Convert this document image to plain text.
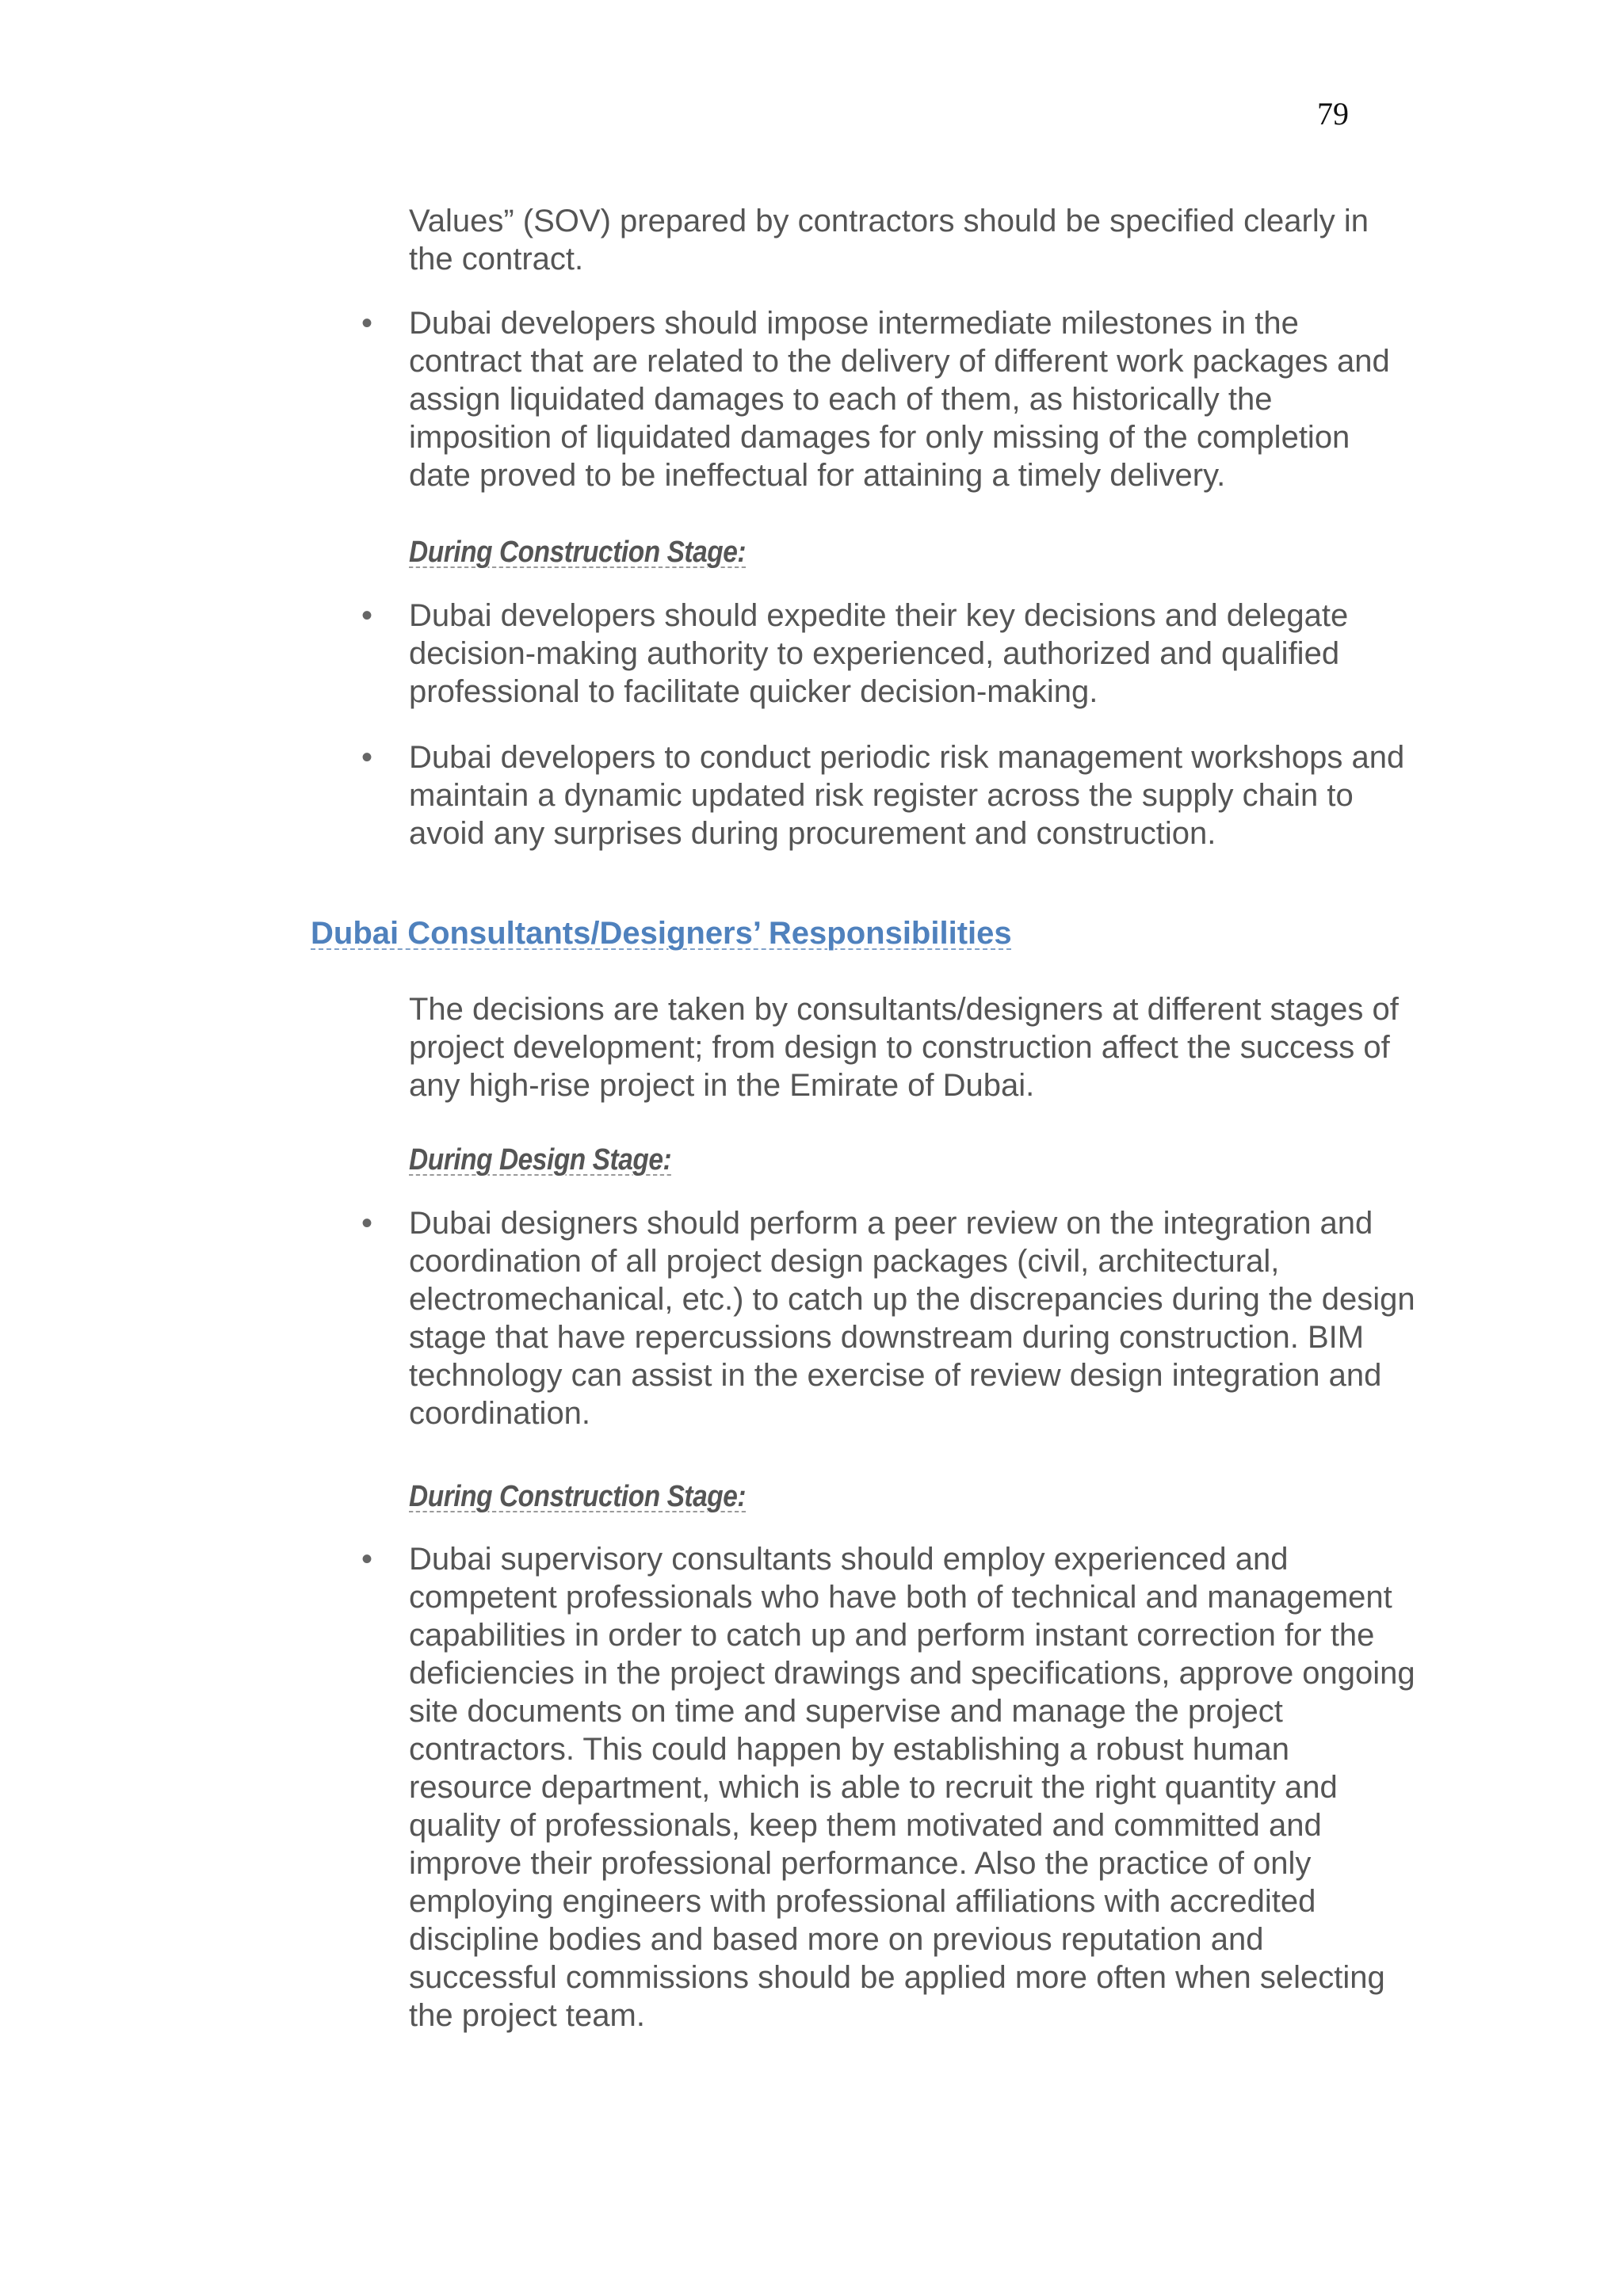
79

Values” (SOV) prepared by contractors should be specified clearly in the contract.

• Dubai developers should impose intermediate milestones in the contract that are related to the delivery of different work packages and assign liquidated damages to each of them, as historically the imposition of liquidated damages for only missing of the completion date proved to be ineffectual for attaining a timely delivery.

During Construction Stage:
• Dubai developers should expedite their key decisions and delegate decision-making authority to experienced, authorized and qualified professional to facilitate quicker decision-making.

• Dubai developers to conduct periodic risk management workshops and maintain a dynamic updated risk register across the supply chain to avoid any surprises during procurement and construction.

Dubai Consultants/Designers’ Responsibilities

The decisions are taken by consultants/designers at different stages of project development; from design to construction affect the success of any high-rise project in the Emirate of Dubai.

During Design Stage:
• Dubai designers should perform a peer review on the integration and coordination of all project design packages (civil, architectural, electromechanical, etc.) to catch up the discrepancies during the design stage that have repercussions downstream during construction. BIM technology can assist in the exercise of review design integration and coordination.

During Construction Stage:
• Dubai supervisory consultants should employ experienced and competent professionals who have both of technical and management capabilities in order to catch up and perform instant correction for the deficiencies in the project drawings and specifications, approve ongoing site documents on time and supervise and manage the project contractors. This could happen by establishing a robust human resource department, which is able to recruit the right quantity and quality of professionals, keep them motivated and committed and improve their professional performance. Also the practice of only employing engineers with professional affiliations with accredited discipline bodies and based more on previous reputation and successful commissions should be applied more often when selecting the project team.
